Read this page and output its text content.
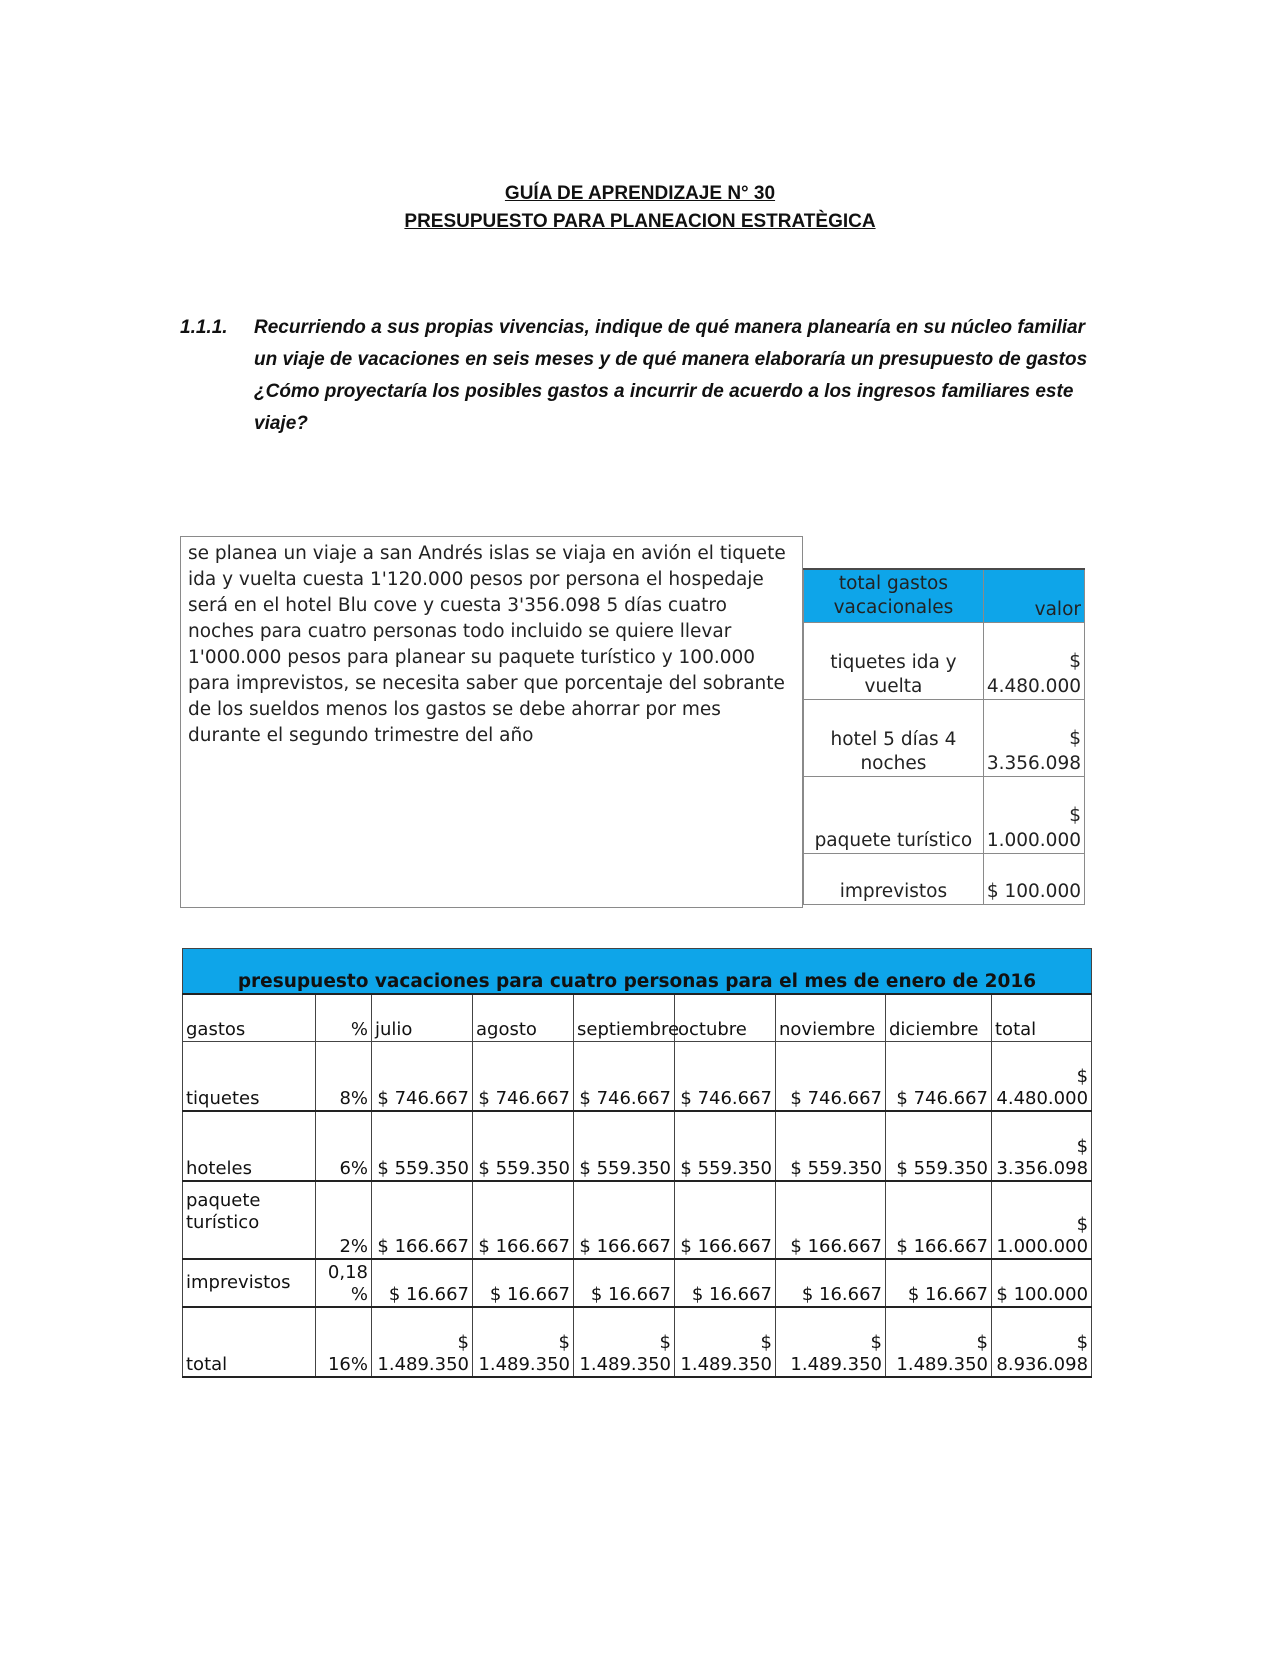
GUÍA DE APRENDIZAJE N° 30
PRESUPUESTO PARA PLANEACION ESTRATÈGICA
1.1.1. Recurriendo a sus propias vivencias, indique de qué manera planearía en su núcleo familiar un viaje de vacaciones en seis meses y de qué manera elaboraría un presupuesto de gastos ¿Cómo proyectaría los posibles gastos a incurrir de acuerdo a los ingresos familiares este viaje?
se planea un viaje a san Andrés islas se viaja en avión el tiquete ida y vuelta cuesta 1'120.000 pesos por persona el hospedaje será en el hotel Blu cove y cuesta 3'356.098 5 días cuatro noches para cuatro personas todo incluido se quiere llevar 1'000.000 pesos para planear su paquete turístico y 100.000 para imprevistos, se necesita saber que porcentaje del sobrante de los sueldos menos los gastos se debe ahorrar por mes durante el segundo trimestre del año
total gastos vacacionales	valor
tiquetes ida y vuelta	$ 4.480.000
hotel 5 días 4 noches	$ 3.356.098
paquete turístico	$ 1.000.000
imprevistos	$ 100.000
presupuesto vacaciones para cuatro personas para el mes de enero de 2016								
gastos	%	julio	agosto	septiembre	octubre	noviembre	diciembre	total
tiquetes	8%	$ 746.667	$ 746.667	$ 746.667	$ 746.667	$ 746.667	$ 746.667	$ 4.480.000
hoteles	6%	$ 559.350	$ 559.350	$ 559.350	$ 559.350	$ 559.350	$ 559.350	$ 3.356.098
paquete turístico	2%	$ 166.667	$ 166.667	$ 166.667	$ 166.667	$ 166.667	$ 166.667	$ 1.000.000
imprevistos	0,18 %	$ 16.667	$ 16.667	$ 16.667	$ 16.667	$ 16.667	$ 16.667	$ 100.000
total	16%	$ 1.489.350	$ 1.489.350	$ 1.489.350	$ 1.489.350	$ 1.489.350	$ 1.489.350	$ 8.936.098
